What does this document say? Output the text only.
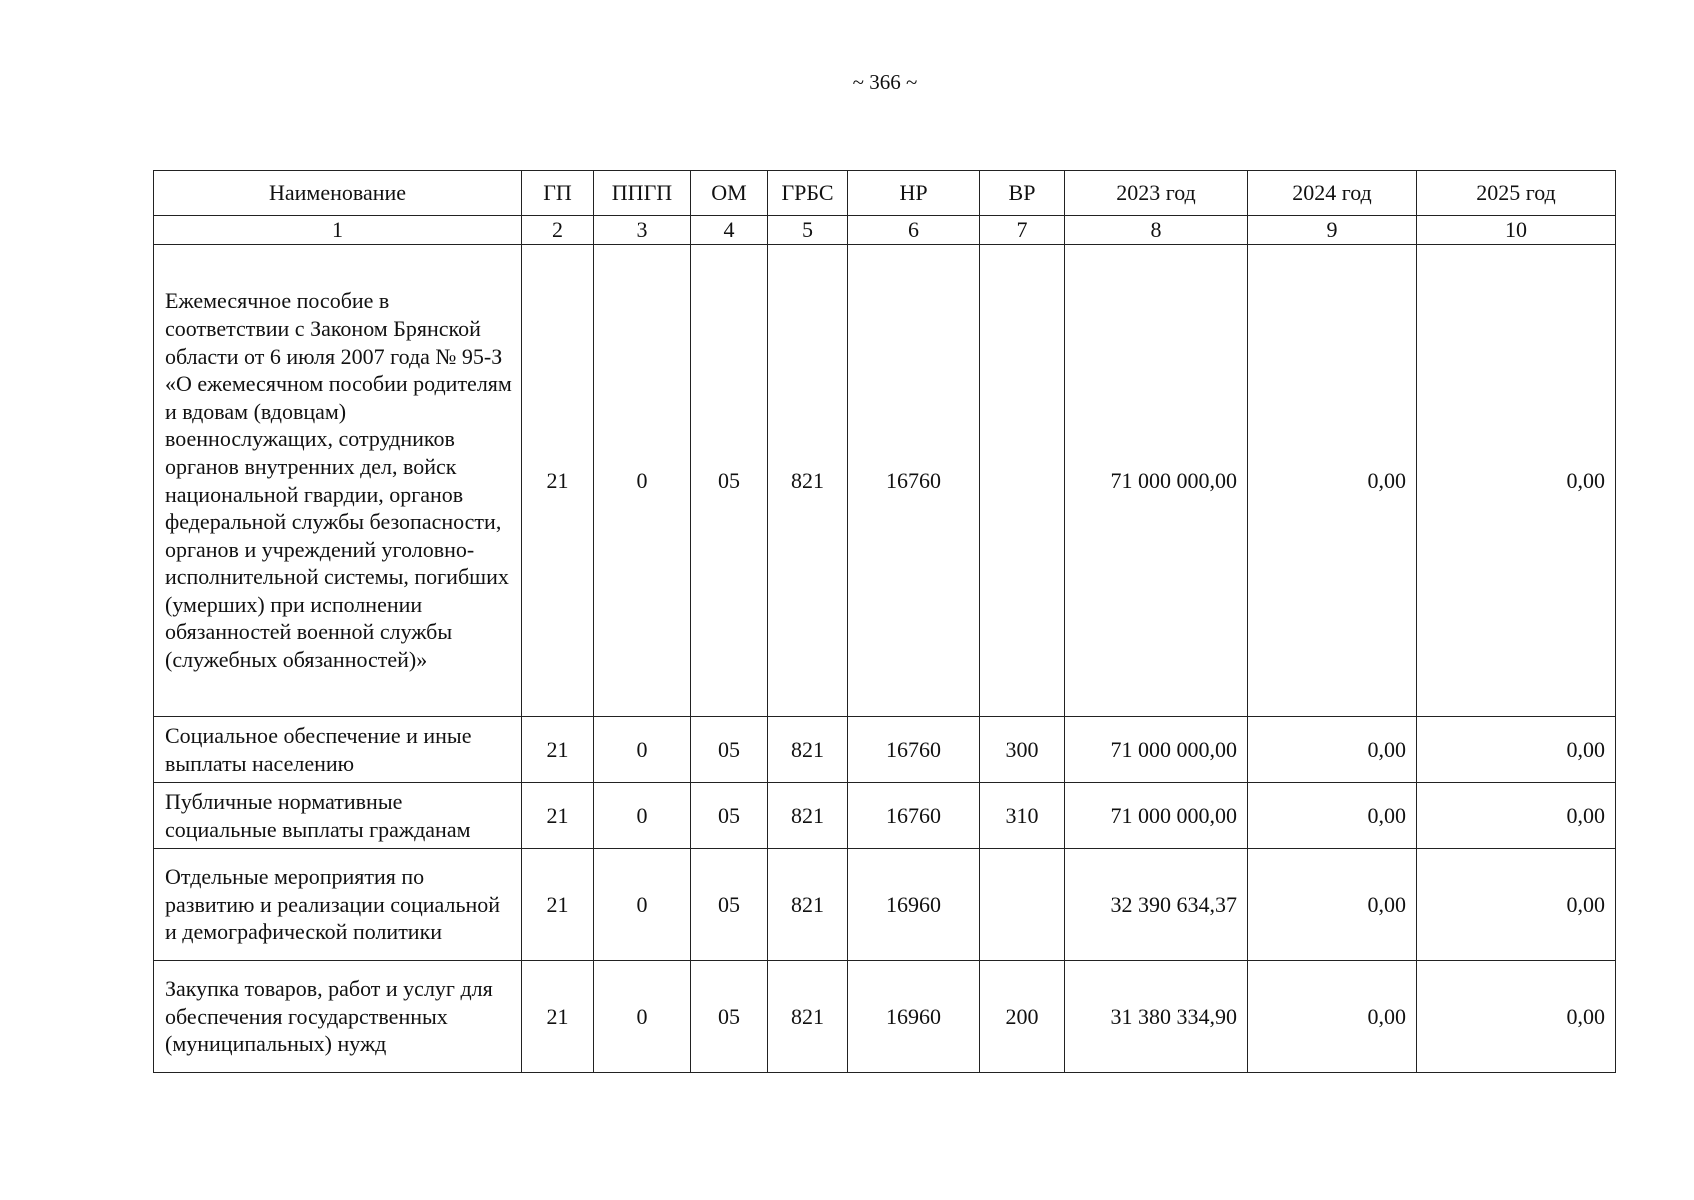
~ 366 ~
Наименование	ГП	ППГП	ОМ	ГРБС	НР	ВР	2023 год	2024 год	2025 год
1	2	3	4	5	6	7	8	9	10
Ежемесячное пособие в соответствии с Законом Брянской области от 6 июля 2007 года № 95-З «О ежемесячном пособии родителям и вдовам (вдовцам) военнослужащих, сотрудников органов внутренних дел, войск национальной гвардии, органов федеральной службы безопасности, органов и учреждений уголовно-исполнительной системы, погибших (умерших) при исполнении обязанностей военной службы (служебных обязанностей)»	21	0	05	821	16760		71 000 000,00	0,00	0,00
Социальное обеспечение и иные выплаты населению	21	0	05	821	16760	300	71 000 000,00	0,00	0,00
Публичные нормативные социальные выплаты гражданам	21	0	05	821	16760	310	71 000 000,00	0,00	0,00
Отдельные мероприятия по развитию и реализации социальной и демографической политики	21	0	05	821	16960		32 390 634,37	0,00	0,00
Закупка товаров, работ и услуг для обеспечения государственных (муниципальных) нужд	21	0	05	821	16960	200	31 380 334,90	0,00	0,00
